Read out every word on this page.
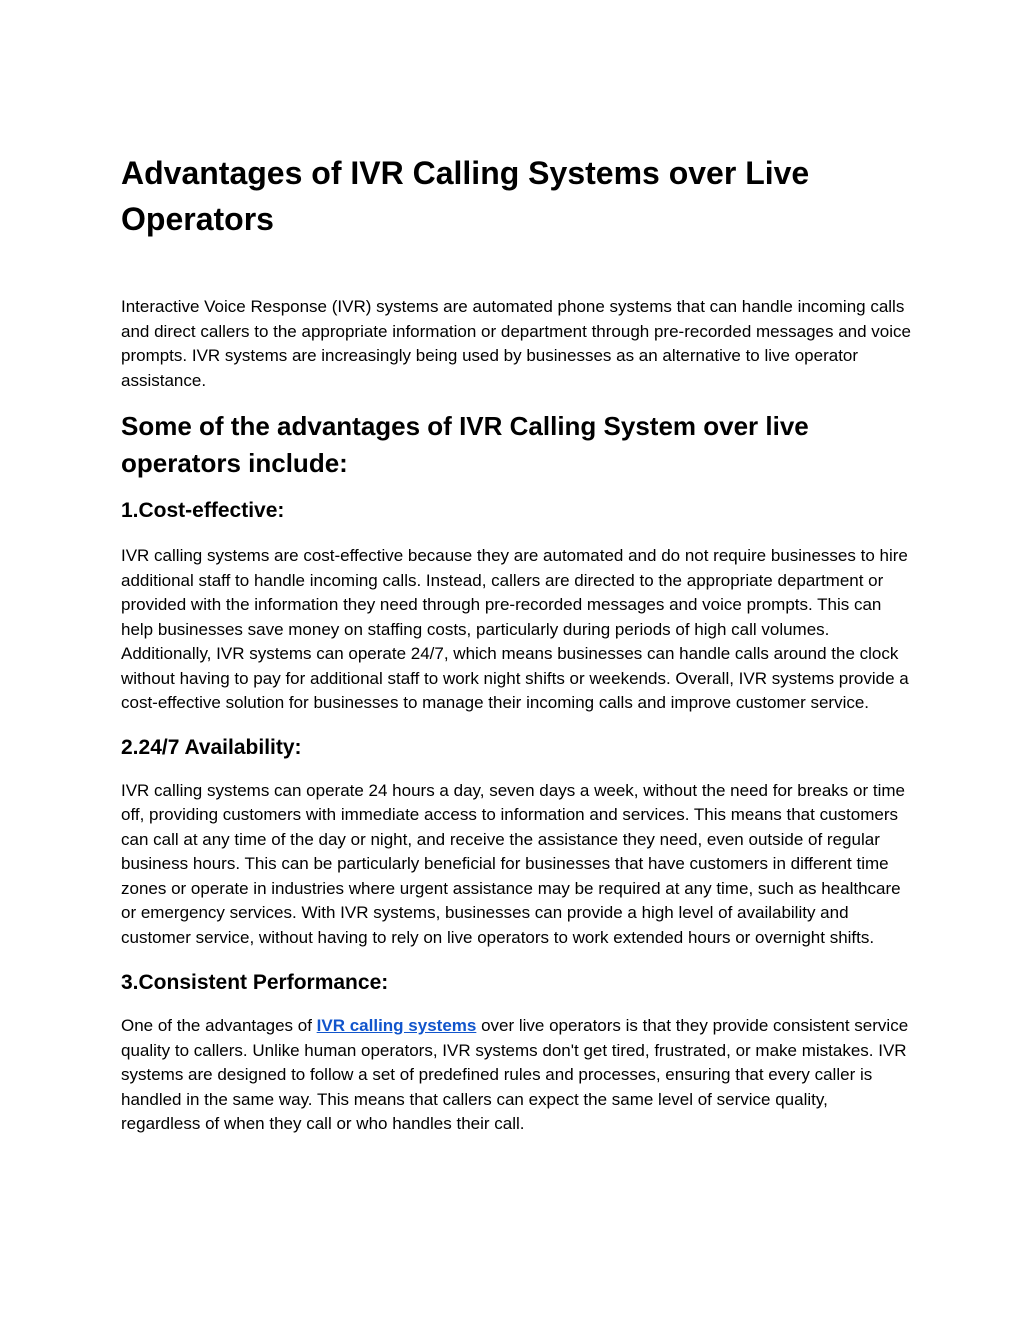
Advantages of IVR Calling Systems over Live Operators

Interactive Voice Response (IVR) systems are automated phone systems that can handle incoming calls and direct callers to the appropriate information or department through pre-recorded messages and voice prompts. IVR systems are increasingly being used by businesses as an alternative to live operator assistance.

Some of the advantages of IVR Calling System over live operators include:
1.Cost-effective:

IVR calling systems are cost-effective because they are automated and do not require businesses to hire additional staff to handle incoming calls. Instead, callers are directed to the appropriate department or provided with the information they need through pre-recorded messages and voice prompts. This can help businesses save money on staffing costs, particularly during periods of high call volumes. Additionally, IVR systems can operate 24/7, which means businesses can handle calls around the clock without having to pay for additional staff to work night shifts or weekends. Overall, IVR systems provide a cost-effective solution for businesses to manage their incoming calls and improve customer service.

2.24/7 Availability:

IVR calling systems can operate 24 hours a day, seven days a week, without the need for breaks or time off, providing customers with immediate access to information and services. This means that customers can call at any time of the day or night, and receive the assistance they need, even outside of regular business hours. This can be particularly beneficial for businesses that have customers in different time zones or operate in industries where urgent assistance may be required at any time, such as healthcare or emergency services. With IVR systems, businesses can provide a high level of availability and customer service, without having to rely on live operators to work extended hours or overnight shifts.

3.Consistent Performance:

One of the advantages of IVR calling systems over live operators is that they provide consistent service quality to callers. Unlike human operators, IVR systems don't get tired, frustrated, or make mistakes. IVR systems are designed to follow a set of predefined rules and processes, ensuring that every caller is handled in the same way. This means that callers can expect the same level of service quality, regardless of when they call or who handles their call.
